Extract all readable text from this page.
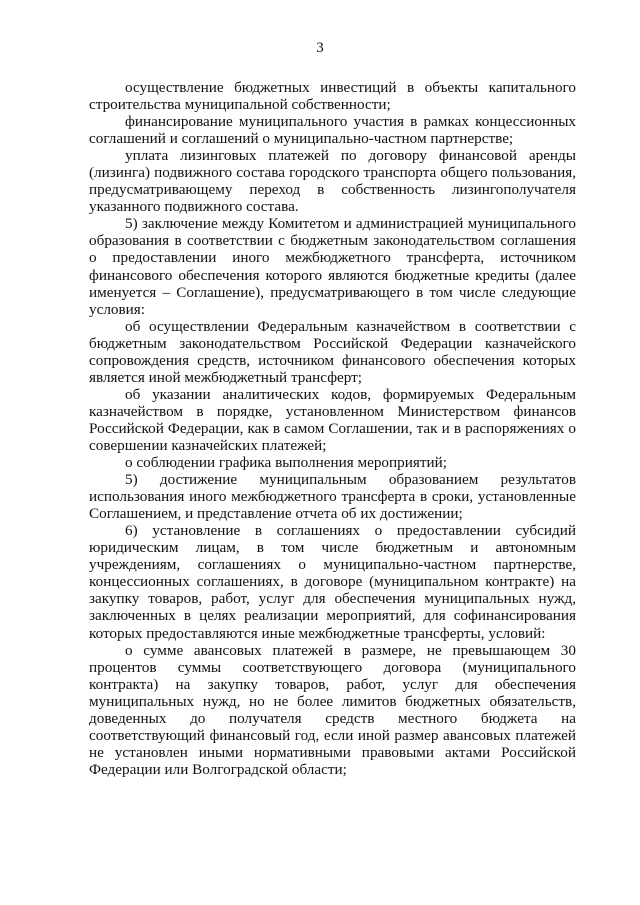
3

осуществление бюджетных инвестиций в объекты капитального строительства муниципальной собственности;

финансирование муниципального участия в рамках концессионных соглашений и соглашений о муниципально-частном партнерстве;

уплата лизинговых платежей по договору финансовой аренды (лизинга) подвижного состава городского транспорта общего пользования, предусматривающему переход в собственность лизингополучателя указанного подвижного состава.

5) заключение между Комитетом и администрацией муниципального образования в соответствии с бюджетным законодательством соглашения о предоставлении иного межбюджетного трансферта, источником финансового обеспечения которого являются бюджетные кредиты (далее именуется – Соглашение), предусматривающего в том числе следующие условия:

об осуществлении Федеральным казначейством в соответствии с бюджетным законодательством Российской Федерации казначейского сопровождения средств, источником финансового обеспечения которых является иной межбюджетный трансферт;

об указании аналитических кодов, формируемых Федеральным казначейством в порядке, установленном Министерством финансов Российской Федерации, как в самом Соглашении, так и в распоряжениях о совершении казначейских платежей;

о соблюдении графика выполнения мероприятий;

5) достижение муниципальным образованием результатов использования иного межбюджетного трансферта в сроки, установленные Соглашением, и представление отчета об их достижении;

6) установление в соглашениях о предоставлении субсидий юридическим лицам, в том числе бюджетным и автономным учреждениям, соглашениях о муниципально-частном партнерстве, концессионных соглашениях, в договоре (муниципальном контракте) на закупку товаров, работ, услуг для обеспечения муниципальных нужд, заключенных в целях реализации мероприятий, для софинансирования которых предоставляются иные межбюджетные трансферты, условий:

о сумме авансовых платежей в размере, не превышающем 30 процентов суммы соответствующего договора (муниципального контракта) на закупку товаров, работ, услуг для обеспечения муниципальных нужд, но не более лимитов бюджетных обязательств, доведенных до получателя средств местного бюджета на соответствующий финансовый год, если иной размер авансовых платежей не установлен иными нормативными правовыми актами Российской Федерации или Волгоградской области;
